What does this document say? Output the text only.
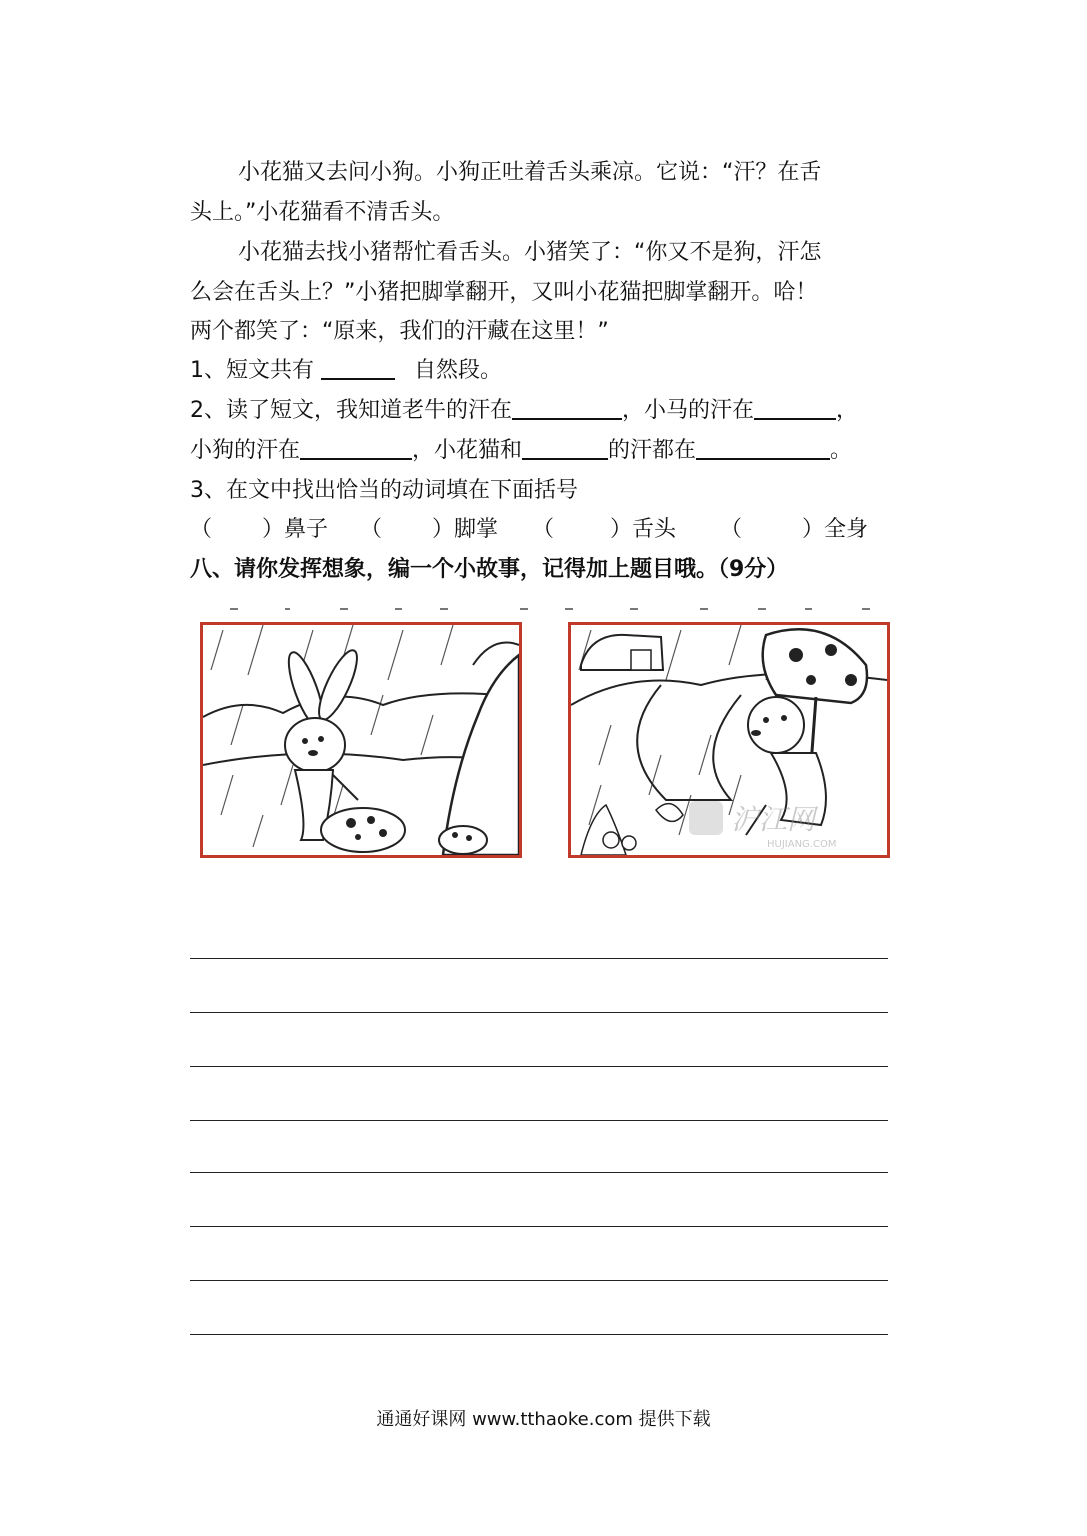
小花猫又去问小狗。小狗正吐着舌头乘凉。它说：“汗？在舌
头上。”小花猫看不清舌头。
小花猫去找小猪帮忙看舌头。小猪笑了：“你又不是狗，汗怎
么会在舌头上？”小猪把脚掌翻开，又叫小花猫把脚掌翻开。哈！
两个都笑了：“原来，我们的汗藏在这里！”
1、短文共有	自然段。
2、读了短文，我知道老牛的汗在	，小马的汗在	，
小狗的汗在	，小花猫和	的汗都在	。
3、在文中找出恰当的动词填在下面括号
（ ）鼻子 （ ）脚掌 （	）舌头 （	）全身
八、请你发挥想象，编一个小故事，记得加上题目哦。（9分）
沪江网
HUJIANG.COM
通通好课网 www.tthaoke.com 提供下载
